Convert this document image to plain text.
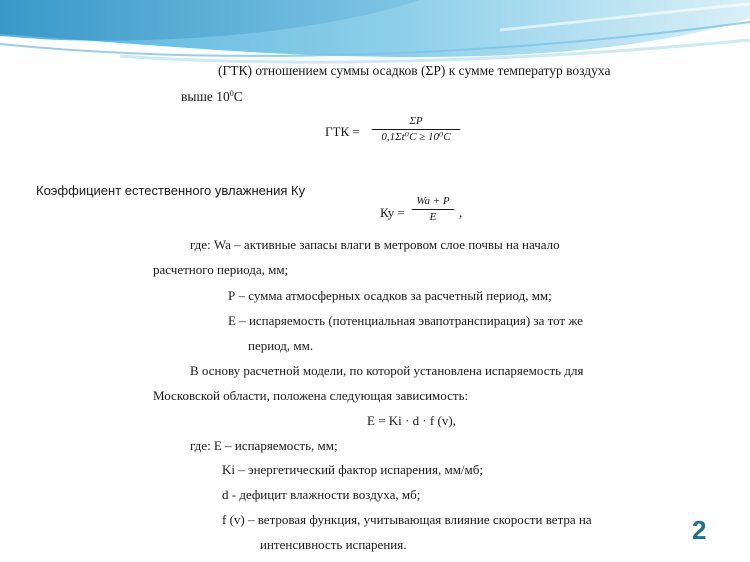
(ГТК) отношением суммы осадков (ΣР) к сумме температур воздуха
выше $10^0С$
ГТК =
ΣP
0,1Σt⁰C ≥ 10⁰C
Коэффициент естественного увлажнения Ку
Ку =
Wa + P
E	,
где: Wa – активные запасы влаги в метровом слое почвы на начало
расчетного периода, мм;
Р – сумма атмосферных осадков за расчетный период, мм;
Е – испаряемость (потенциальная эвапотранспирация) за тот же
период, мм.
В основу расчетной модели, по которой установлена испаряемость для
Московской области, положена следующая зависимость:
E = Ki · d · f (v),
где: E – испаряемость, мм;
Ki – энергетический фактор испарения, мм/мб;
d - дефицит влажности воздуха, мб;
f (v) – ветровая функция, учитывающая влияние скорости ветра на
интенсивность испарения.	2
